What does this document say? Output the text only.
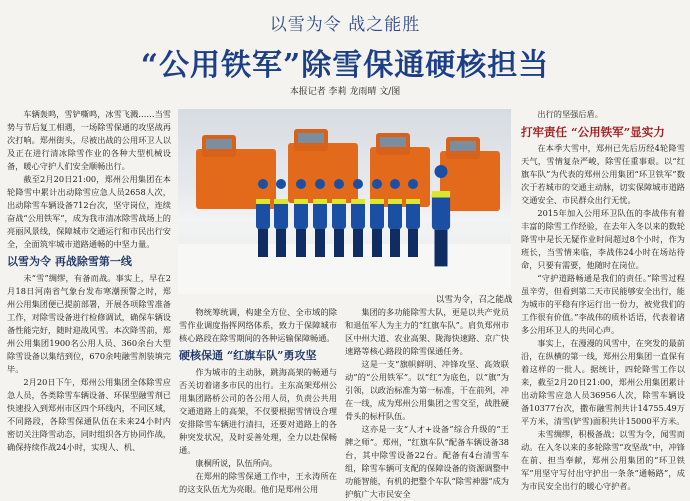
以雪为令 战之能胜
“公用铁军”除雪保通硬核担当
本报记者 李莉 龙雨晴 文/图

车辆轰鸣，雪铲嘶鸣，冰雪飞溅……当雪势与节后复工相遇，一场除雪保通的攻坚战再次打响。郑州街头，尽被出战的公用环卫人以及正在进行清冰除雪作业的各种大型机械设备，暖心守护人们安全顺畅出行。

截至2月20日21:00，郑州公用集团在本轮降雪中累计出动除雪应急人员2658人次，出动除雪车辆设备712台次，坚守岗位，连续奋战“公用铁军”，成为我市清冰除雪战场上的亮丽风景线，保障城市交通运行和市民出行安全，全面筑牢城市道路通畅的中坚力量。

以雪为令 再战除雪第一线

未“雪”绸缪，有备而战。事实上，早在2月18日河南省气象台发布寒潮预警之时，郑州公用集团便已提前部署，开展各项除雪准备工作，对除雪设备进行检修调试，确保车辆设备性能完好，随时迎战风雪。本次降雪前，郑州公用集团1900名公用人员、360余台大型除雪设备以集结到位，670余吨融雪剂装填完毕。

2月20日下午，郑州公用集团全体除雪应急人员，各类除雪车辆设备、环保型融雪剂已快速投入到郑州市区四个环线内，不同区域，不同路段，各除雪保通队伍在未来24小时内密切关注降雪动态，同时组织各方协同作战，确保持续作战24小时，实现人、机、

以雪为令，召之能战

物统筹统调，构建全方位、全市域的除雪作业调度指挥网络体系，致力于保障城市核心路段在除雪期间的各种运输保障畅通。

硬核保通 “红旗车队”勇攻坚

作为城市的主动脉，跳海高架的畅通与否关切着诸多市民的出行。主东高架郑州公用集团路桥公司的各公用人员，负责公共用交通道路上的高架，不仅要根据雪情设合理安排除雪车辆进行清扫，还要对道路上的各种突发状况，及时妥善处理，全力以赴保畅通。

康桐所说，队伍所向。

在郑州的除雪保通工作中，王永涛所在的这支队伍尤为亮眼。他们是郑州公用

集团的多功能除雪大队，更是以共产党员和退伍军人为主力的“红旗车队”。肩负郑州市区中州大道、农业高架、陇海快速路、京广快速路等核心路段的除雪保通任务。

这是一支“旗帜鲜明、冲锋攻坚、高效联动”的“公用铁军”。以“红”为底色，以“旗”为引领，以政治标准为第一标准，干在前列，冲在一线，成为郑州公用集团之雪交至，战胜硬骨头的标杆队伍。

这亦是一支“人才+设备”综合升级的“王牌之师”。郑州，“红旗车队”配备车辆设备38台，其中除雪设备22台。配备有4台清雪车组，除雪车辆可支配的保障设备的资源调整中功能智能，有机的把整个车队“除雪神器”成为护航广大市民安全

出行的坚强后盾。

打牢责任 “公用铁军”显实力

在本季大雪中，郑州已先后历经4轮降雪天气，雪情复杂严峻，除雪任重事艰。以“红旗车队”为代表的郑州公用集团“环卫铁军”数次于若城市的交通主动脉，切实保障城市道路交通安全、市民群众出行无忧。

2015年加入公用环卫队伍的李战伟有着丰富的除雪工作经验，在去年入冬以来的数轮降雪中是长无疑作业时间超过8个小时，作为班长，当雪情来临，李战伟24小时在场站待命，只要有需要，他随时在岗位。

“守护道路畅通是我们的责任。”除雪过程虽辛劳，但看到第二天市民能够安全出行，能为城市的平稳有序运行出一份力，被党我们的工作很有价值。”李战伟的质朴话语，代表着诸多公用环卫人的共同心声。

事实上，在漫漫的风雪中，在突发的最前沿，在纵横的第一线，郑州公用集团一直保有着这样的一批人。据统计，四轮降雪工作以来，截至2月20日21:00，郑州公用集团累计出动除雪应急人员36956人次，除雪车辆设备10377台次，撒布融雪剂共计14755.49万平方米，清雪(铲雪)面积共计15000平方米。

未雪绸缪，积极备战；以雪为令，闻雪而动。在入冬以来的多轮除雪“攻坚战”中，冲锋在前、担当奉献，郑州公用集团的“环卫铁军”用坚守写付出守护出一条条“通畅路”，成为市民安全出行的暖心守护者。
